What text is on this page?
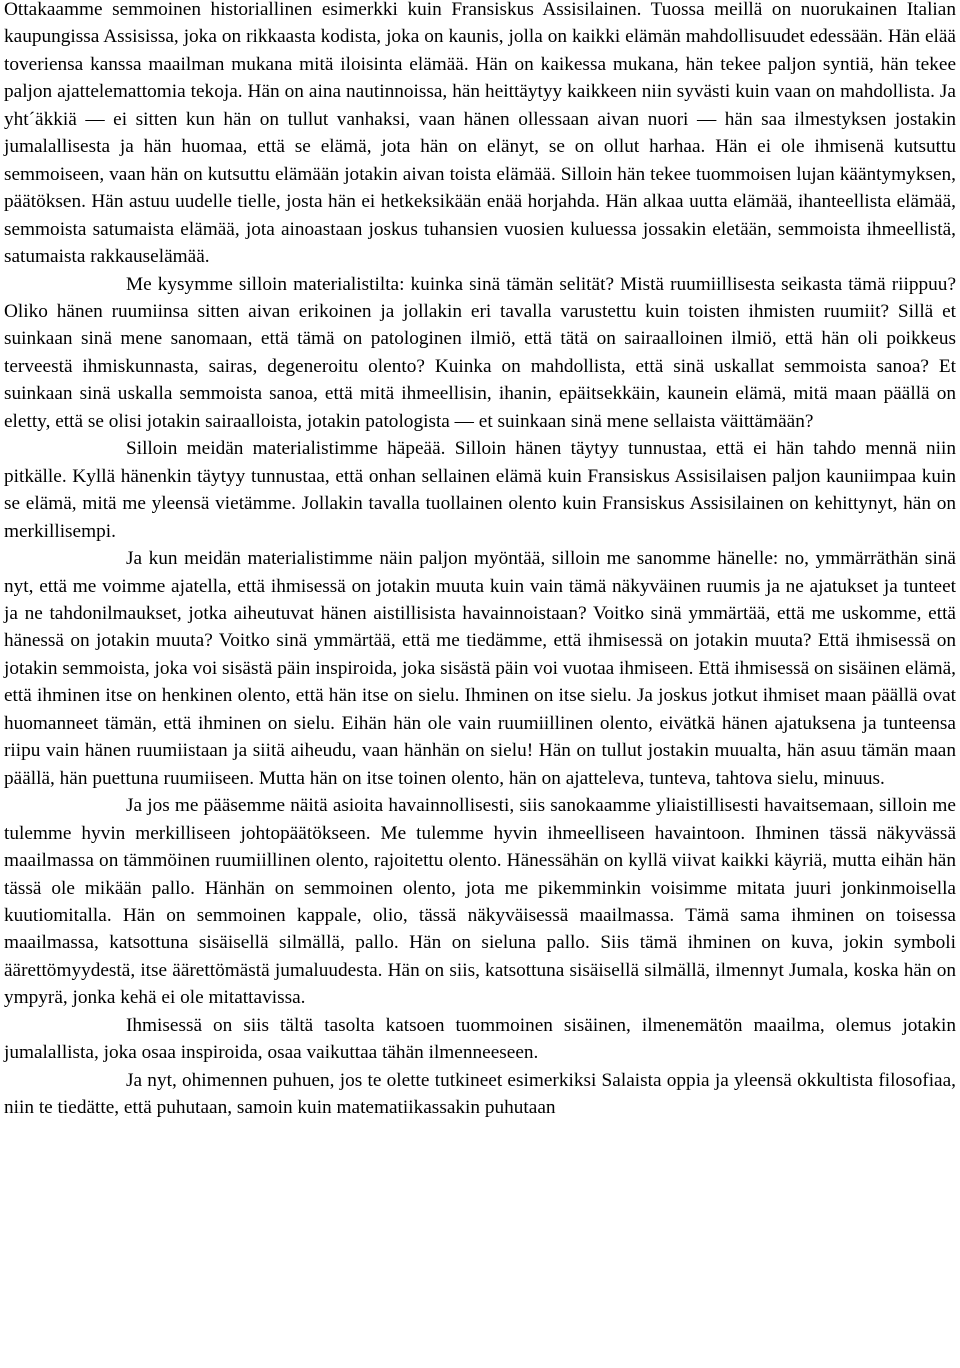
Ottakaamme semmoinen historiallinen esimerkki kuin Fransiskus Assisilainen. Tuossa meillä on nuorukainen Italian kaupungissa Assisissa, joka on rikkaasta kodista, joka on kaunis, jolla on kaikki elämän mahdollisuudet edessään. Hän elää toveriensa kanssa maailman mukana mitä iloisinta elämää. Hän on kaikessa mukana, hän tekee paljon syntiä, hän tekee paljon ajattelemattomia tekoja. Hän on aina nautinnoissa, hän heittäytyy kaikkeen niin syvästi kuin vaan on mahdollista. Ja yht´äkkiä — ei sitten kun hän on tullut vanhaksi, vaan hänen ollessaan aivan nuori — hän saa ilmestyksen jostakin jumalallisesta ja hän huomaa, että se elämä, jota hän on elänyt, se on ollut harhaa. Hän ei ole ihmisenä kutsuttu semmoiseen, vaan hän on kutsuttu elämään jotakin aivan toista elämää. Silloin hän tekee tuommoisen lujan kääntymyksen, päätöksen. Hän astuu uudelle tielle, josta hän ei hetkeksikään enää horjahda. Hän alkaa uutta elämää, ihanteellista elämää, semmoista satumaista elämää, jota ainoastaan joskus tuhansien vuosien kuluessa jossakin eletään, semmoista ihmeellistä, satumaista rakkauselämää.

Me kysymme silloin materialistilta: kuinka sinä tämän selität? Mistä ruumiillisesta seikasta tämä riippuu? Oliko hänen ruumiinsa sitten aivan erikoinen ja jollakin eri tavalla varustettu kuin toisten ihmisten ruumiit? Sillä et suinkaan sinä mene sanomaan, että tämä on patologinen ilmiö, että tätä on sairaalloinen ilmiö, että hän oli poikkeus terveestä ihmiskunnasta, sairas, degeneroitu olento? Kuinka on mahdollista, että sinä uskallat semmoista sanoa? Et suinkaan sinä uskalla semmoista sanoa, että mitä ihmeellisin, ihanin, epäitsekkäin, kaunein elämä, mitä maan päällä on eletty, että se olisi jotakin sairaalloista, jotakin patologista — et suinkaan sinä mene sellaista väittämään?

Silloin meidän materialistimme häpeää. Silloin hänen täytyy tunnustaa, että ei hän tahdo mennä niin pitkälle. Kyllä hänenkin täytyy tunnustaa, että onhan sellainen elämä kuin Fransiskus Assisilaisen paljon kauniimpaa kuin se elämä, mitä me yleensä vietämme. Jollakin tavalla tuollainen olento kuin Fransiskus Assisilainen on kehittynyt, hän on merkillisempi.

Ja kun meidän materialistimme näin paljon myöntää, silloin me sanomme hänelle: no, ymmärräthän sinä nyt, että me voimme ajatella, että ihmisessä on jotakin muuta kuin vain tämä näkyväinen ruumis ja ne ajatukset ja tunteet ja ne tahdonilmaukset, jotka aiheutuvat hänen aistillisista havainnoistaan? Voitko sinä ymmärtää, että me uskomme, että hänessä on jotakin muuta? Voitko sinä ymmärtää, että me tiedämme, että ihmisessä on jotakin muuta? Että ihmisessä on jotakin semmoista, joka voi sisästä päin inspiroida, joka sisästä päin voi vuotaa ihmiseen. Että ihmisessä on sisäinen elämä, että ihminen itse on henkinen olento, että hän itse on sielu. Ihminen on itse sielu. Ja joskus jotkut ihmiset maan päällä ovat huomanneet tämän, että ihminen on sielu. Eihän hän ole vain ruumiillinen olento, eivätkä hänen ajatuksena ja tunteensa riipu vain hänen ruumiistaan ja siitä aiheudu, vaan hänhän on sielu! Hän on tullut jostakin muualta, hän asuu tämän maan päällä, hän puettuna ruumiiseen. Mutta hän on itse toinen olento, hän on ajatteleva, tunteva, tahtova sielu, minuus.

Ja jos me pääsemme näitä asioita havainnollisesti, siis sanokaamme yliaistillisesti havaitsemaan, silloin me tulemme hyvin merkilliseen johtopäätökseen. Me tulemme hyvin ihmeelliseen havaintoon. Ihminen tässä näkyvässä maailmassa on tämmöinen ruumiillinen olento, rajoitettu olento. Hänessähän on kyllä viivat kaikki käyriä, mutta eihän hän tässä ole mikään pallo. Hänhän on semmoinen olento, jota me pikemminkin voisimme mitata juuri jonkinmoisella kuutiomitalla. Hän on semmoinen kappale, olio, tässä näkyväisessä maailmassa. Tämä sama ihminen on toisessa maailmassa, katsottuna sisäisellä silmällä, pallo. Hän on sieluna pallo. Siis tämä ihminen on kuva, jokin symboli äärettömyydestä, itse äärettömästä jumaluudesta. Hän on siis, katsottuna sisäisellä silmällä, ilmennyt Jumala, koska hän on ympyrä, jonka kehä ei ole mitattavissa.

Ihmisessä on siis tältä tasolta katsoen tuommoinen sisäinen, ilmenemätön maailma, olemus jotakin jumalallista, joka osaa inspiroida, osaa vaikuttaa tähän ilmenneeseen.

Ja nyt, ohimennen puhuen, jos te olette tutkineet esimerkiksi Salaista oppia ja yleensä okkultista filosofiaa, niin te tiedätte, että puhutaan, samoin kuin matematiikassakin puhutaan
